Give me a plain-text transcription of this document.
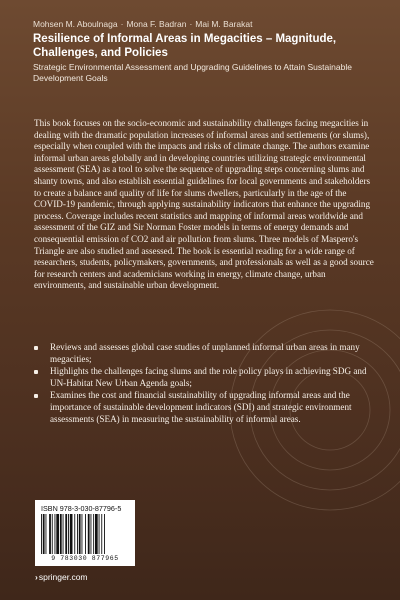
Mohsen M. Aboulnaga · Mona F. Badran · Mai M. Barakat
Resilience of Informal Areas in Megacities – Magnitude, Challenges, and Policies
Strategic Environmental Assessment and Upgrading Guidelines to Attain Sustainable Development Goals
This book focuses on the socio-economic and sustainability challenges facing megacities in dealing with the dramatic population increases of informal areas and settlements (or slums), especially when coupled with the impacts and risks of climate change. The authors examine informal urban areas globally and in developing countries utilizing strategic environmental assessment (SEA) as a tool to solve the sequence of upgrading steps concerning slums and shanty towns, and also establish essential guidelines for local governments and stakeholders to create a balance and quality of life for slums dwellers, particularly in the age of the COVID-19 pandemic, through applying sustainability indicators that enhance the upgrading process. Coverage includes recent statistics and mapping of informal areas worldwide and assessment of the GIZ and Sir Norman Foster models in terms of energy demands and consequential emission of CO2 and air pollution from slums. Three models of Maspero's Triangle are also studied and assessed. The book is essential reading for a wide range of researchers, students, policymakers, governments, and professionals as well as a good source for research centers and academicians working in energy, climate change, urban environments, and sustainable urban development.
Reviews and assesses global case studies of unplanned informal urban areas in many megacities;
Highlights the challenges facing slums and the role policy plays in achieving SDG and UN-Habitat New Urban Agenda goals;
Examines the cost and financial sustainability of upgrading informal areas and the importance of sustainable development indicators (SDI) and strategic environment assessments (SEA) in measuring the sustainability of informal areas.
ISBN 978-3-030-87796-5
9 783030 877965
›springer.com
